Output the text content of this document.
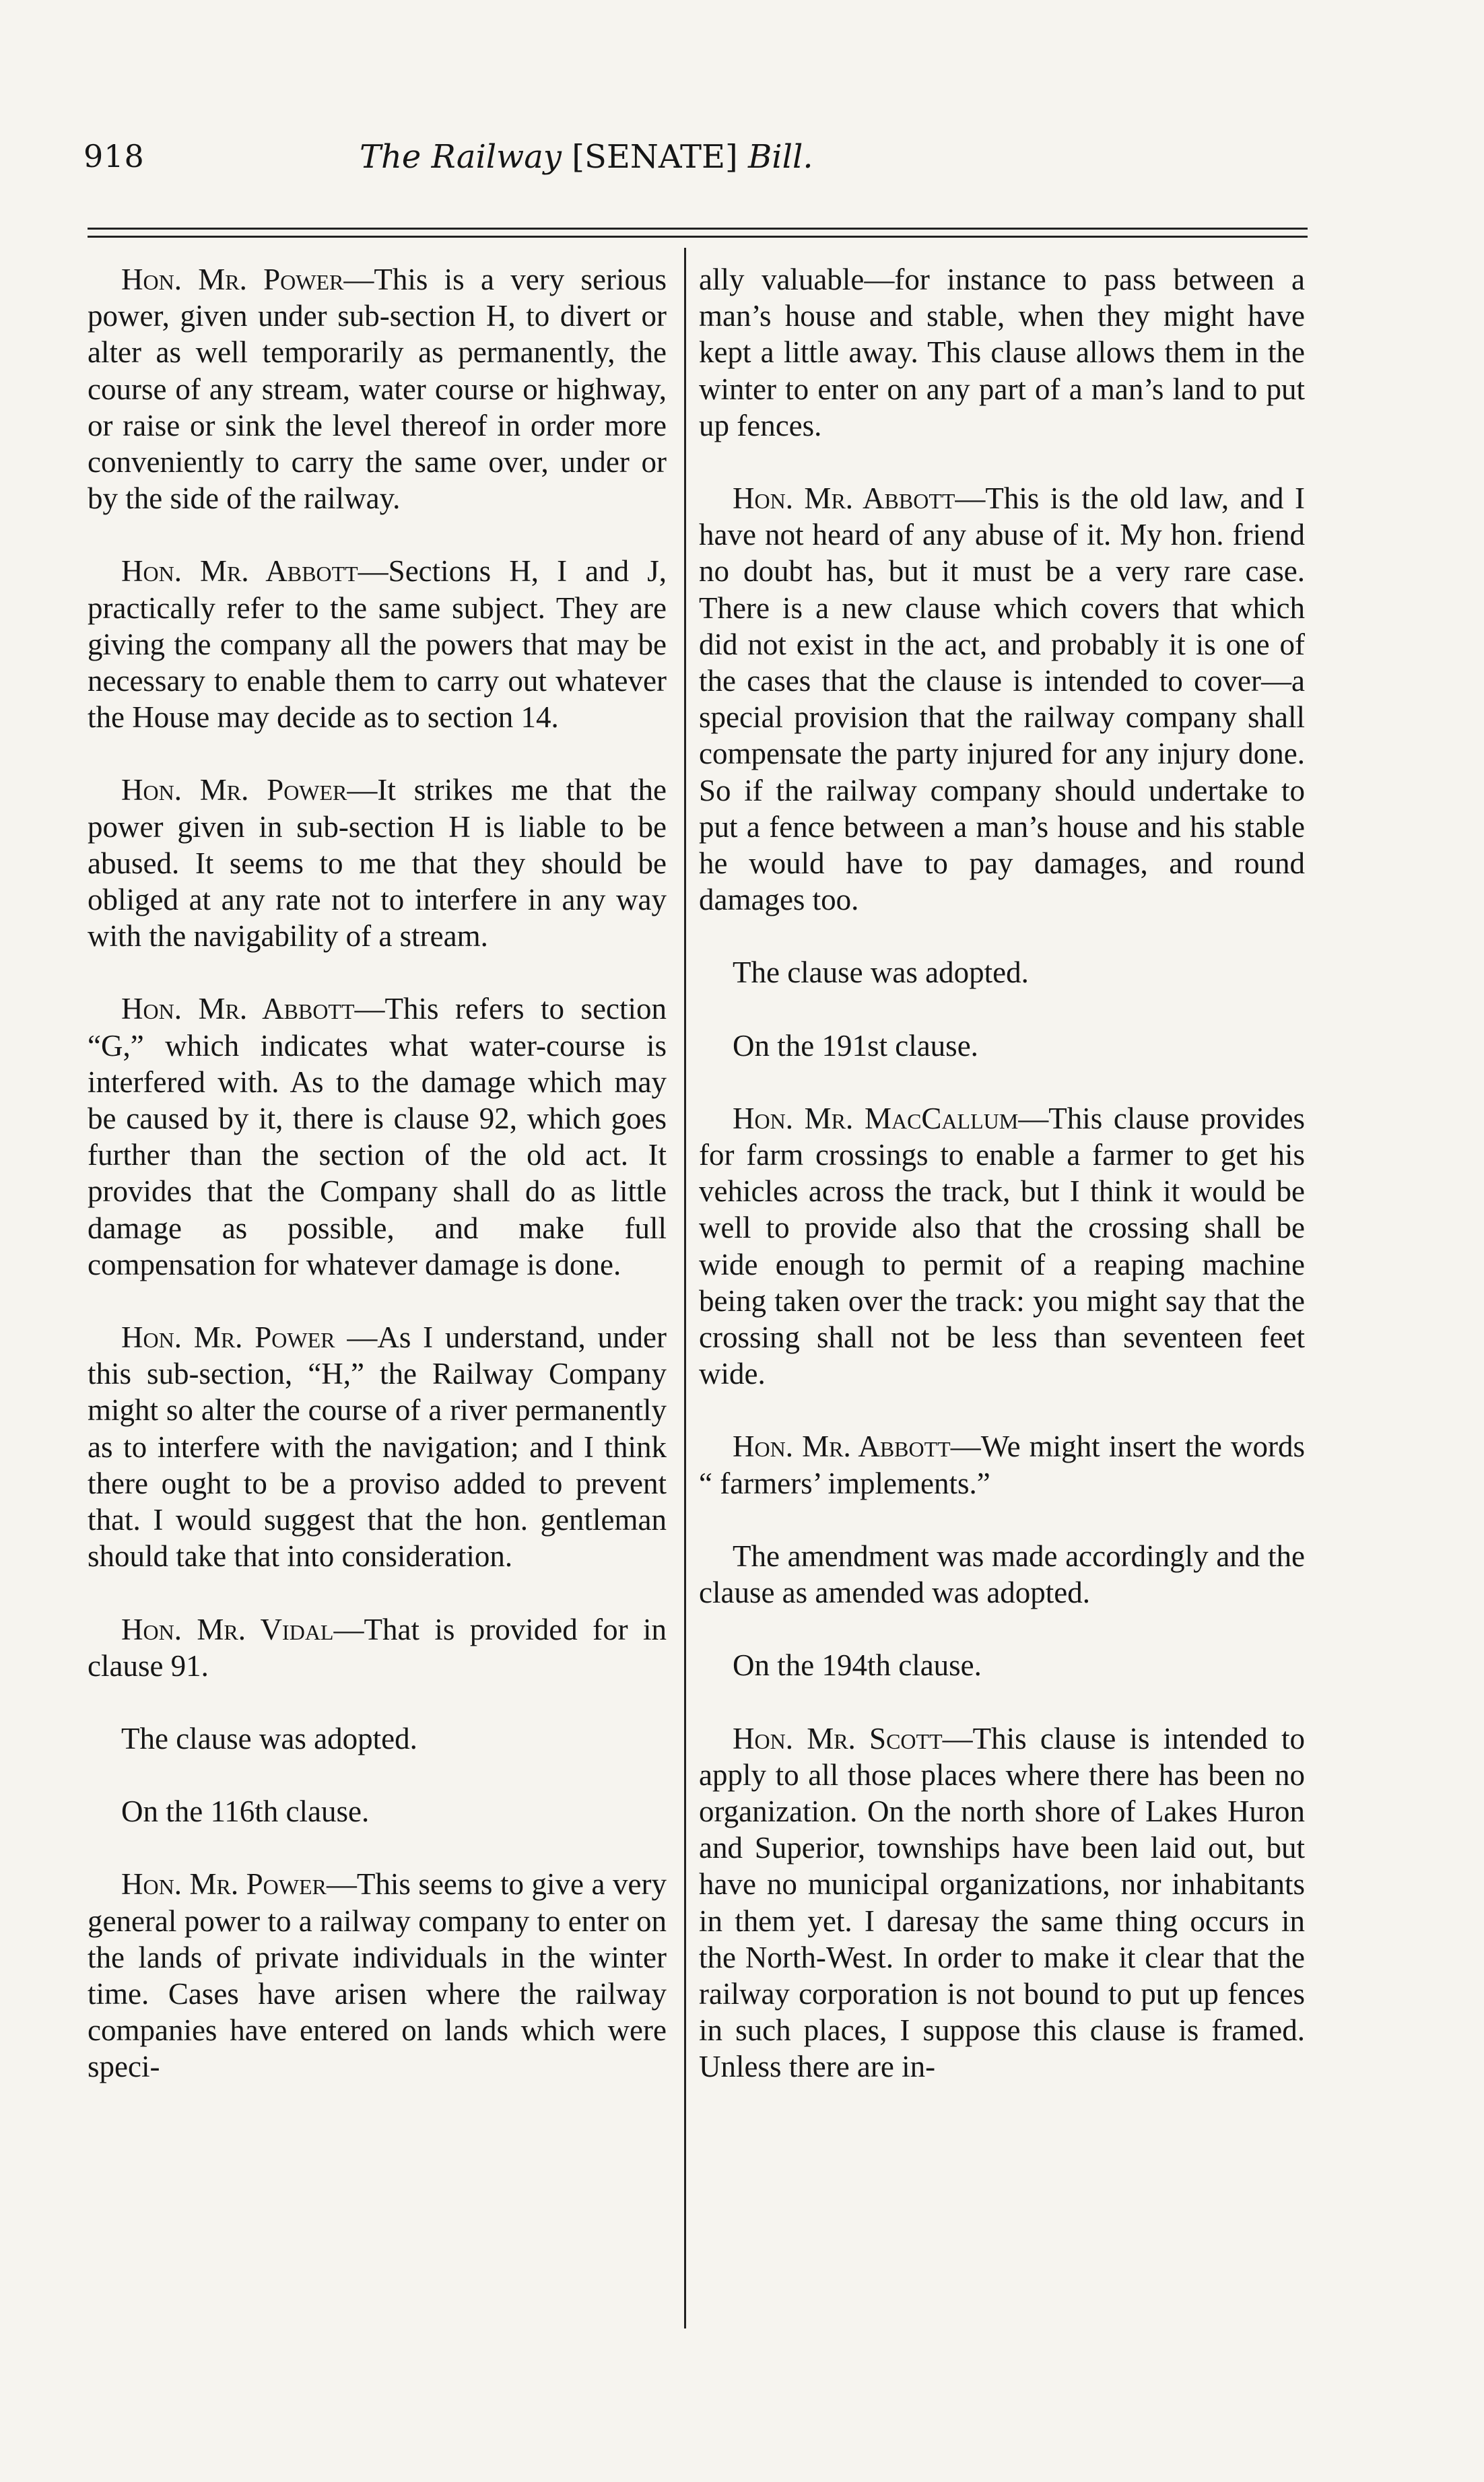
918	The Railway [SENATE] Bill.

Hon. Mr. Power—This is a very serious power, given under sub-section H, to divert or alter as well temporarily as permanently, the course of any stream, water course or highway, or raise or sink the level thereof in order more conveniently to carry the same over, under or by the side of the railway.

Hon. Mr. Abbott—Sections H, I and J, practically refer to the same subject. They are giving the company all the powers that may be necessary to enable them to carry out whatever the House may decide as to section 14.

Hon. Mr. Power—It strikes me that the power given in sub-section H is liable to be abused. It seems to me that they should be obliged at any rate not to interfere in any way with the navigability of a stream.

Hon. Mr. Abbott—This refers to section “G,” which indicates what water-course is interfered with. As to the damage which may be caused by it, there is clause 92, which goes further than the section of the old act. It provides that the Company shall do as little damage as possible, and make full compensation for whatever damage is done.

Hon. Mr. Power —As I understand, under this sub-section, “H,” the Railway Company might so alter the course of a river permanently as to interfere with the navigation; and I think there ought to be a proviso added to prevent that. I would suggest that the hon. gentleman should take that into consideration.

Hon. Mr. Vidal—That is provided for in clause 91.

The clause was adopted.

On the 116th clause.

Hon. Mr. Power—This seems to give a very general power to a railway company to enter on the lands of private individuals in the winter time. Cases have arisen where the railway companies have entered on lands which were speci-

ally valuable—for instance to pass between a man’s house and stable, when they might have kept a little away. This clause allows them in the winter to enter on any part of a man’s land to put up fences.

Hon. Mr. Abbott—This is the old law, and I have not heard of any abuse of it. My hon. friend no doubt has, but it must be a very rare case. There is a new clause which covers that which did not exist in the act, and probably it is one of the cases that the clause is intended to cover—a special provision that the railway company shall compensate the party injured for any injury done. So if the railway company should undertake to put a fence between a man’s house and his stable he would have to pay damages, and round damages too.

The clause was adopted.

On the 191st clause.

Hon. Mr. MacCallum—This clause provides for farm crossings to enable a farmer to get his vehicles across the track, but I think it would be well to provide also that the crossing shall be wide enough to permit of a reaping machine being taken over the track: you might say that the crossing shall not be less than seventeen feet wide.

Hon. Mr. Abbott—We might insert the words “ farmers’ implements.”

The amendment was made accordingly and the clause as amended was adopted.

On the 194th clause.

Hon. Mr. Scott—This clause is intended to apply to all those places where there has been no organization. On the north shore of Lakes Huron and Superior, townships have been laid out, but have no municipal organizations, nor inhabitants in them yet. I daresay the same thing occurs in the North-West. In order to make it clear that the railway corporation is not bound to put up fences in such places, I suppose this clause is framed. Unless there are in-
